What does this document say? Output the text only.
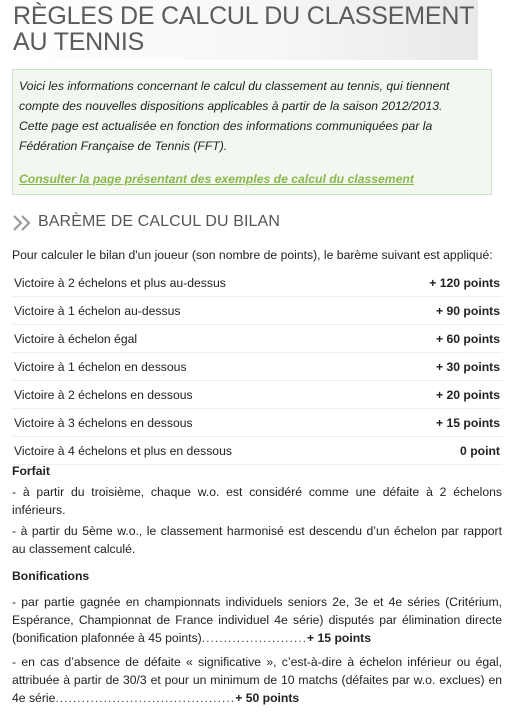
RÈGLES DE CALCUL DU CLASSEMENT AU TENNIS

Voici les informations concernant le calcul du classement au tennis, qui tiennent compte des nouvelles dispositions applicables à partir de la saison 2012/2013.
Cette page est actualisée en fonction des informations communiquées par la Fédération Française de Tennis (FFT).

Consulter la page présentant des exemples de calcul du classement
BARÈME DE CALCUL DU BILAN

Pour calculer le bilan d'un joueur (son nombre de points), le barème suivant est appliqué:

Victoire à 2 échelons et plus au-dessus	+ 120 points
Victoire à 1 échelon au-dessus	+ 90 points
Victoire à échelon égal	+ 60 points
Victoire à 1 échelon en dessous	+ 30 points
Victoire à 2 échelons en dessous	+ 20 points
Victoire à 3 échelons en dessous	+ 15 points
Victoire à 4 échelons et plus en dessous	0 point
Forfait

- à partir du troisième, chaque w.o. est considéré comme une défaite à 2 échelons inférieurs.

- à partir du 5ème w.o., le classement harmonisé est descendu d’un échelon par rapport au classement calculé.

Bonifications

- par partie gagnée en championnats individuels seniors 2e, 3e et 4e séries (Critérium, Espérance, Championnat de France individuel 4e série) disputés par élimination directe (bonification plafonnée à 45 points)........................+ 15 points

- en cas d’absence de défaite « significative », c’est-à-dire à échelon inférieur ou égal, attribuée à partir de 30/3 et pour un minimum de 10 matchs (défaites par w.o. exclues) en 4e série.........................................+ 50 points
